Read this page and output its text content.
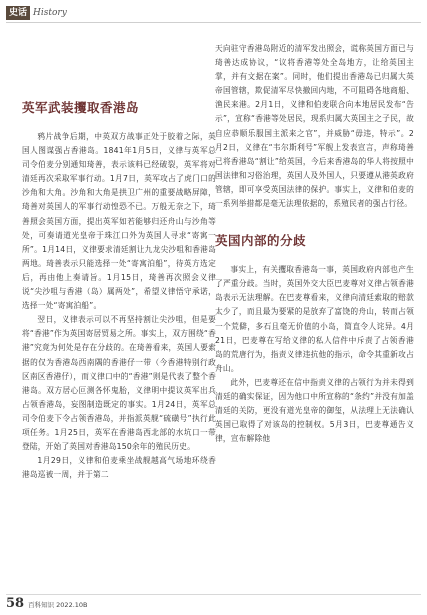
史话 History
英军武装攫取香港岛

鸦片战争后期，中英双方战事正处于胶着之际，英国人图谋强占香港岛。1841年1月5日，义律与英军总司令伯麦分别通知琦善，表示该料已经破裂，英军将对清廷再次采取军事行动。1月7日，英军攻占了虎门口的沙角和大角。沙角和大角是拱卫广州的重要战略屏障，琦善对英国人的军事行动惶恐不已。万般无奈之下，琦善照会英国方面，提出英军如若能够归还舟山与沙角等处，可奏请道光皇帝于珠江口外为英国人寻求“寄寓一所”。1月14日，义律要求清廷割让九龙尖沙咀和香港岛两地。琦善表示只能选择一处“寄寓泊船”，待英方选定后，再由他上奏请旨。1月15日，琦善再次照会义律说“尖沙咀与香港（岛）属两处”，希望义律悟守承诺，选择一处“寄寓泊船”。

翌日，义律表示可以不再坚持割让尖沙咀，但是要将“香港”作为英国寄居贸易之所。事实上，双方围绕“香港”究竟为何处是存在分歧的。在琦善看来，英国人要索据的仅为香港岛西南隅的香港仔一带（今香港特别行政区南区香港仔），而义律口中的“香港”则是代表了整个香港岛。双方居心叵测各怀鬼胎，义律明中提议英军出兵占领香港岛，妄图制造既定的事实。1月24日，英军总司令伯麦下令占领香港岛，并指派英舰“硫磺号”执行此项任务。1月25日，英军在香港岛西北部的水坑口一带登陆，开始了英国对香港岛150余年的殖民历史。

1月29日，义律和伯麦乘坐战舰越高气场地环绕香港岛巡被一周，并于第二

天向驻守香港岛附近的清军发出照会，谎称英国方面已与琦善达成协议，“议将香港等处全岛地方，让给英国主掌，并有文据在案”。同时，他们提出香港岛已归属大英帝国管辖，欺促清军尽快撤回内地，不可阻碍各地商船、渔民来港。2月1日，义律和伯麦联合向本地居民发布“告示”，宣称“香港等处居民，现系归属大英国主之子民，故自应恭顺乐服国主派来之官”，并威胁“毋违，特示”。2月2日，义律在“韦尔斯利号”军舰上发表宣言，声称琦善已将香港岛“割让”给英国，今后来香港岛的华人将按照中国法律和习俗治理，英国人及外国人，只要遵从港英政府管辖，即可享受英国法律的保护。事实上，义律和伯麦的一系列举措都是毫无法理依据的，系殖民者的强占行径。

英国内部的分歧

事实上，有关攫取香港岛一事，英国政府内部也产生了严重分歧。当时，英国外交大臣巴麦尊对义律占领香港岛表示无法理解。在巴麦尊看来，义律向清廷索取的赔款太少了，而且最为要紧的是放弃了富饶的舟山，转而占领一个荒僻，多石且毫无价值的小岛，简直令人诧异。4月21日，巴麦尊在写给义律的私人信件中斥责了占领香港岛的荒唐行为，指责义律违抗他的指示，命令其重新攻占舟山。

此外，巴麦尊还在信中指责义律的占领行为并未得到清廷的确实保证，因为他口中所宣称的“条约”并没有加盖清廷的关防，更没有道光皇帝的御玺，从法理上无法确认英国已取得了对该岛的控制权。5月3日，巴麦尊通告义律，宣布解除他

58 百科知识 2022.10B
